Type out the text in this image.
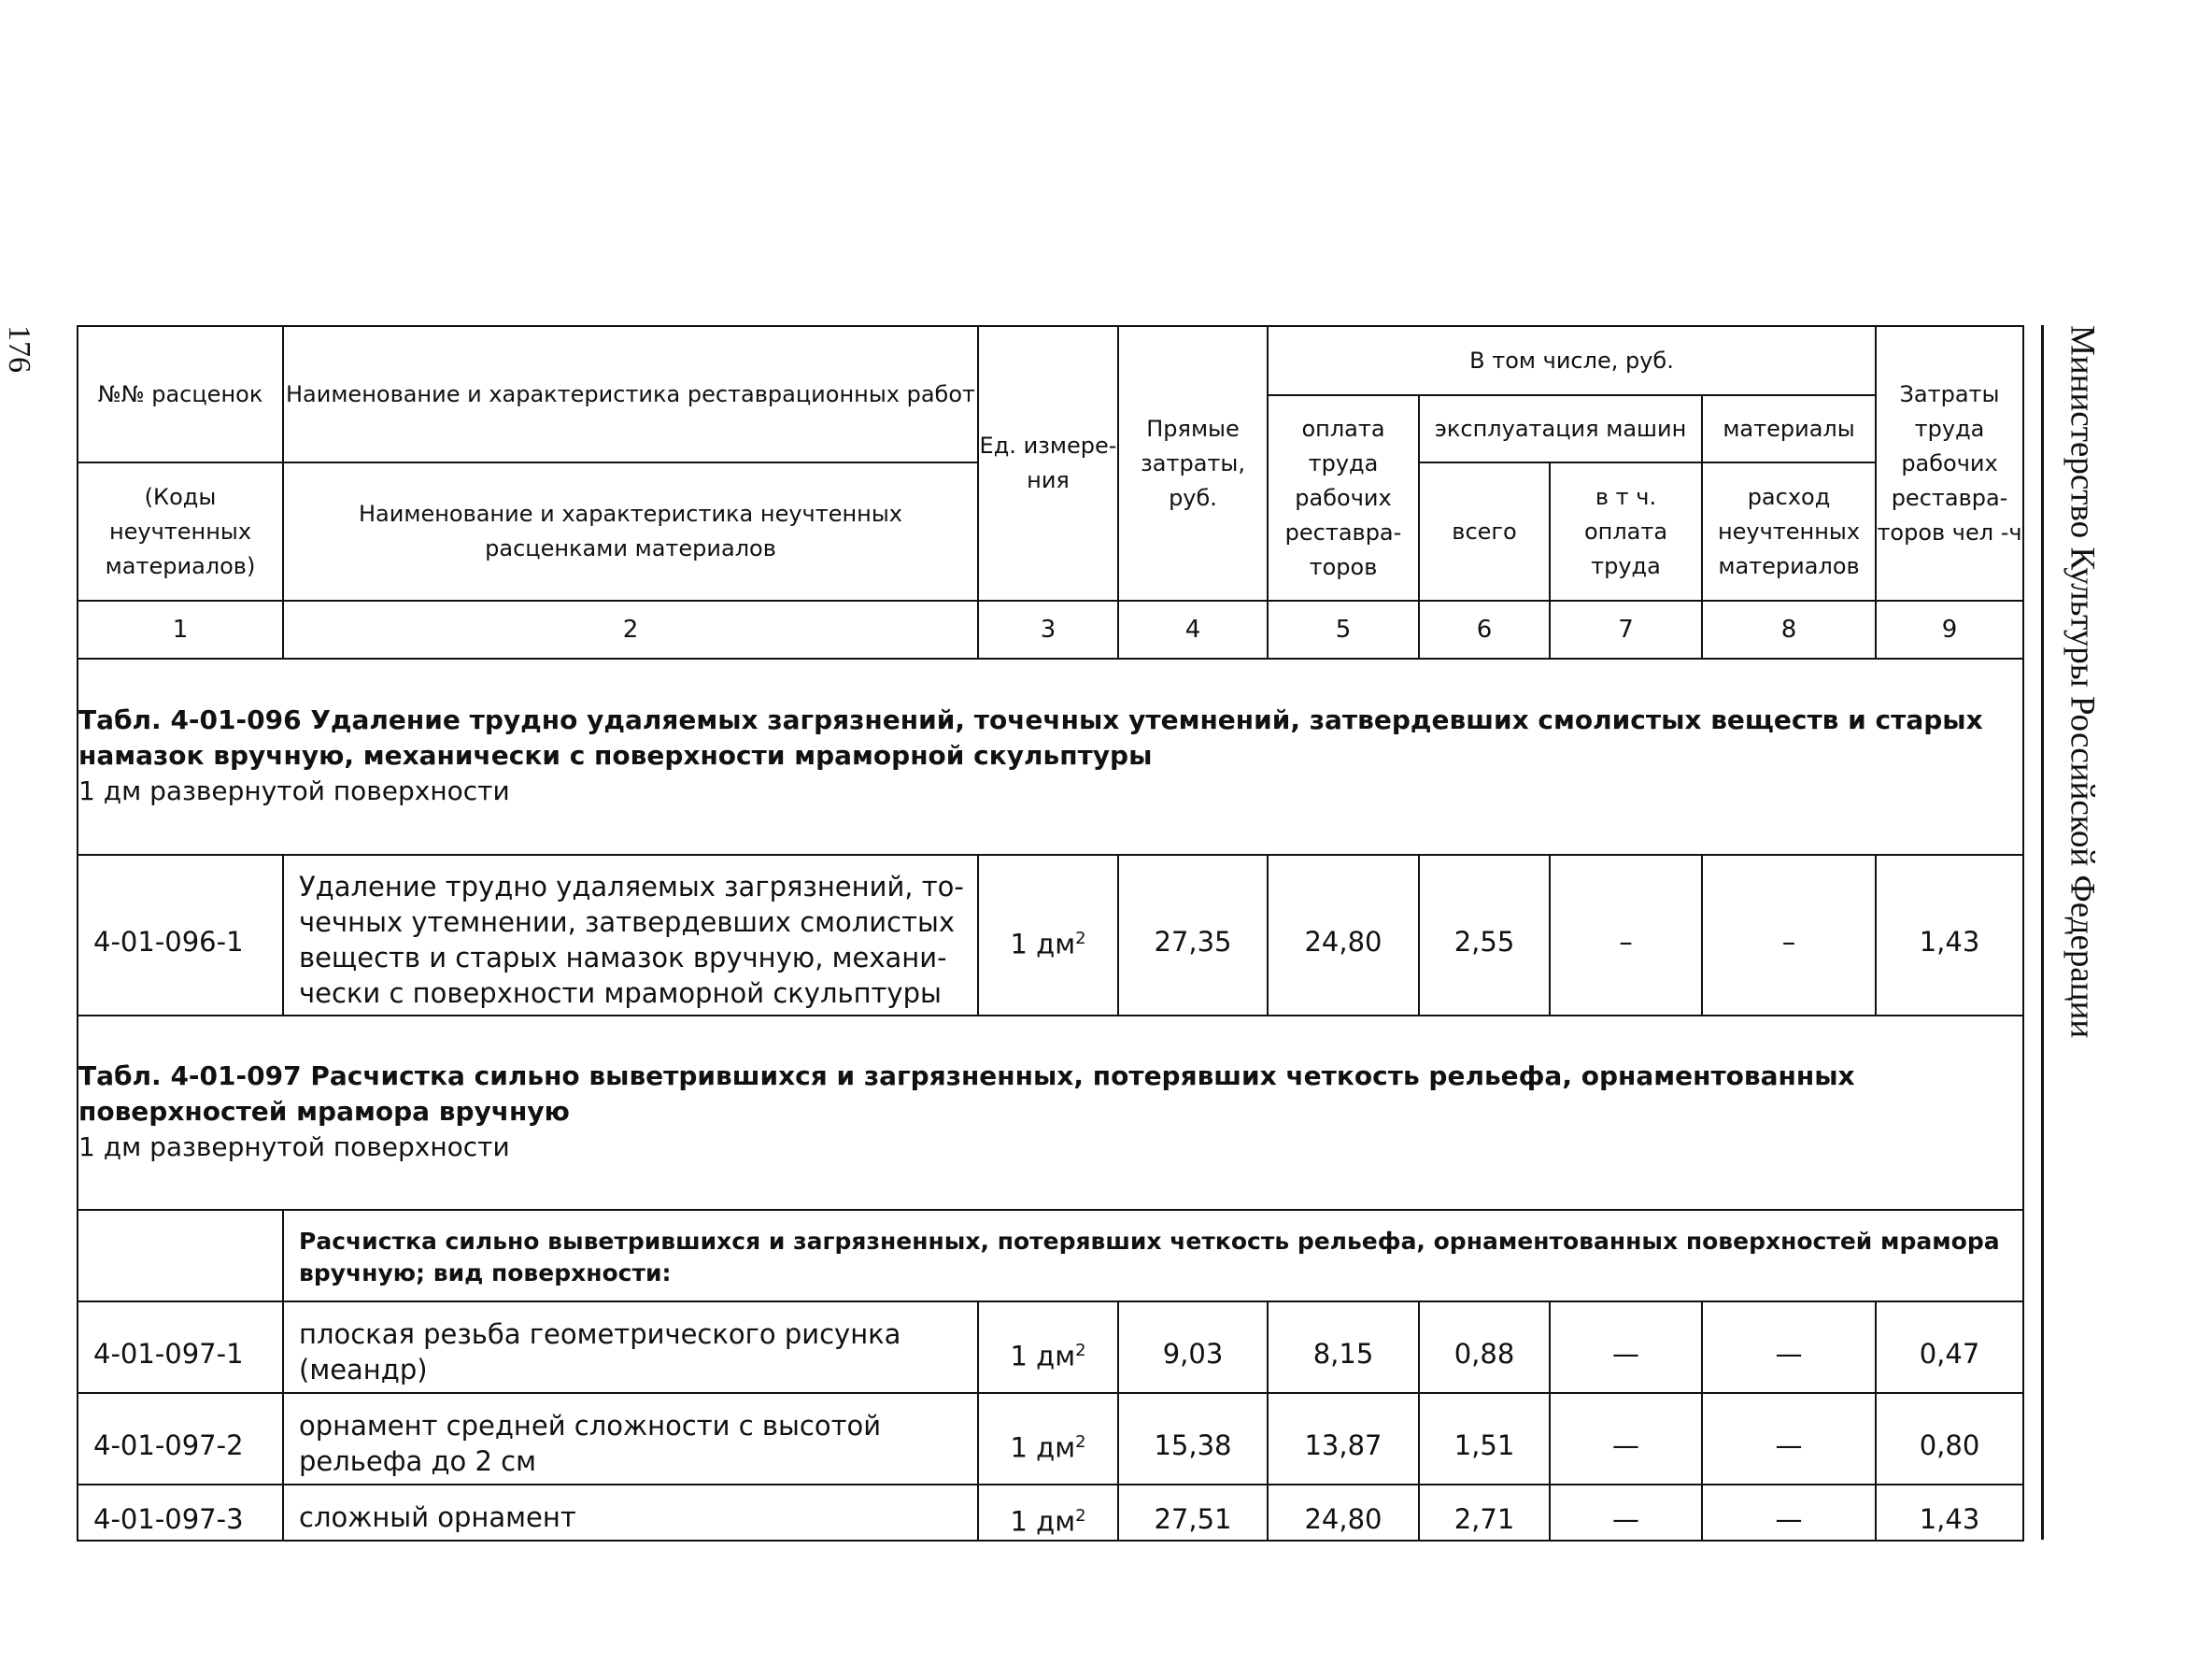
176	Министерство Культуры Российской Федерации
№№ расценок	Наименование и характеристика реставрационных работ	Ед. измере- ния	Прямые затраты, руб.	В том числе, руб.				Затраты труда рабочих реставра- торов чел -ч
				оплата труда рабочих реставра- торов	эксплуатация машин		материалы	
(Коды неучтенных материалов)	Наименование и характеристика неучтенных расценками материалов				всего	в т ч. оплата труда	расход неучтенных материалов	

1	2	3	4	5	6	7	8	9

Табл. 4-01-096 Удаление трудно удаляемых загрязнений, точечных утемнений, затвердевших смолистых веществ и старых намазок вручную, механически с поверхности мраморной скульптуры
1 дм развернутой поверхности								

4-01-096-1	Удаление трудно удаляемых загрязнений, то- чечных утемнении, затвердевших смолистых веществ и старых намазок вручную, механи- чески с поверхности мраморной скульптуры	1 $дм^2$	27,35	24,80	2,55	–	–	1,43

Табл. 4-01-097 Расчистка сильно выветрившихся и загрязненных, потерявших четкость рельефа, орнаментованных поверхностей мрамора вручную
1 дм развернутой поверхности								

	Расчистка сильно выветрившихся и загрязненных, потерявших четкость рельефа, орнаментованных поверхностей мрамора вручную; вид поверхности:							
4-01-097-1	плоская резьба геометрического рисунка (меандр)	1 $дм^2$	9,03	8,15	0,88	—	—	0,47
4-01-097-2	орнамент средней сложности с высотой рельефа до 2 см	1 $дм^2$	15,38	13,87	1,51	—	—	0,80
4-01-097-3	сложный орнамент	1 $дм^2$	27,51	24,80	2,71	—	—	1,43
